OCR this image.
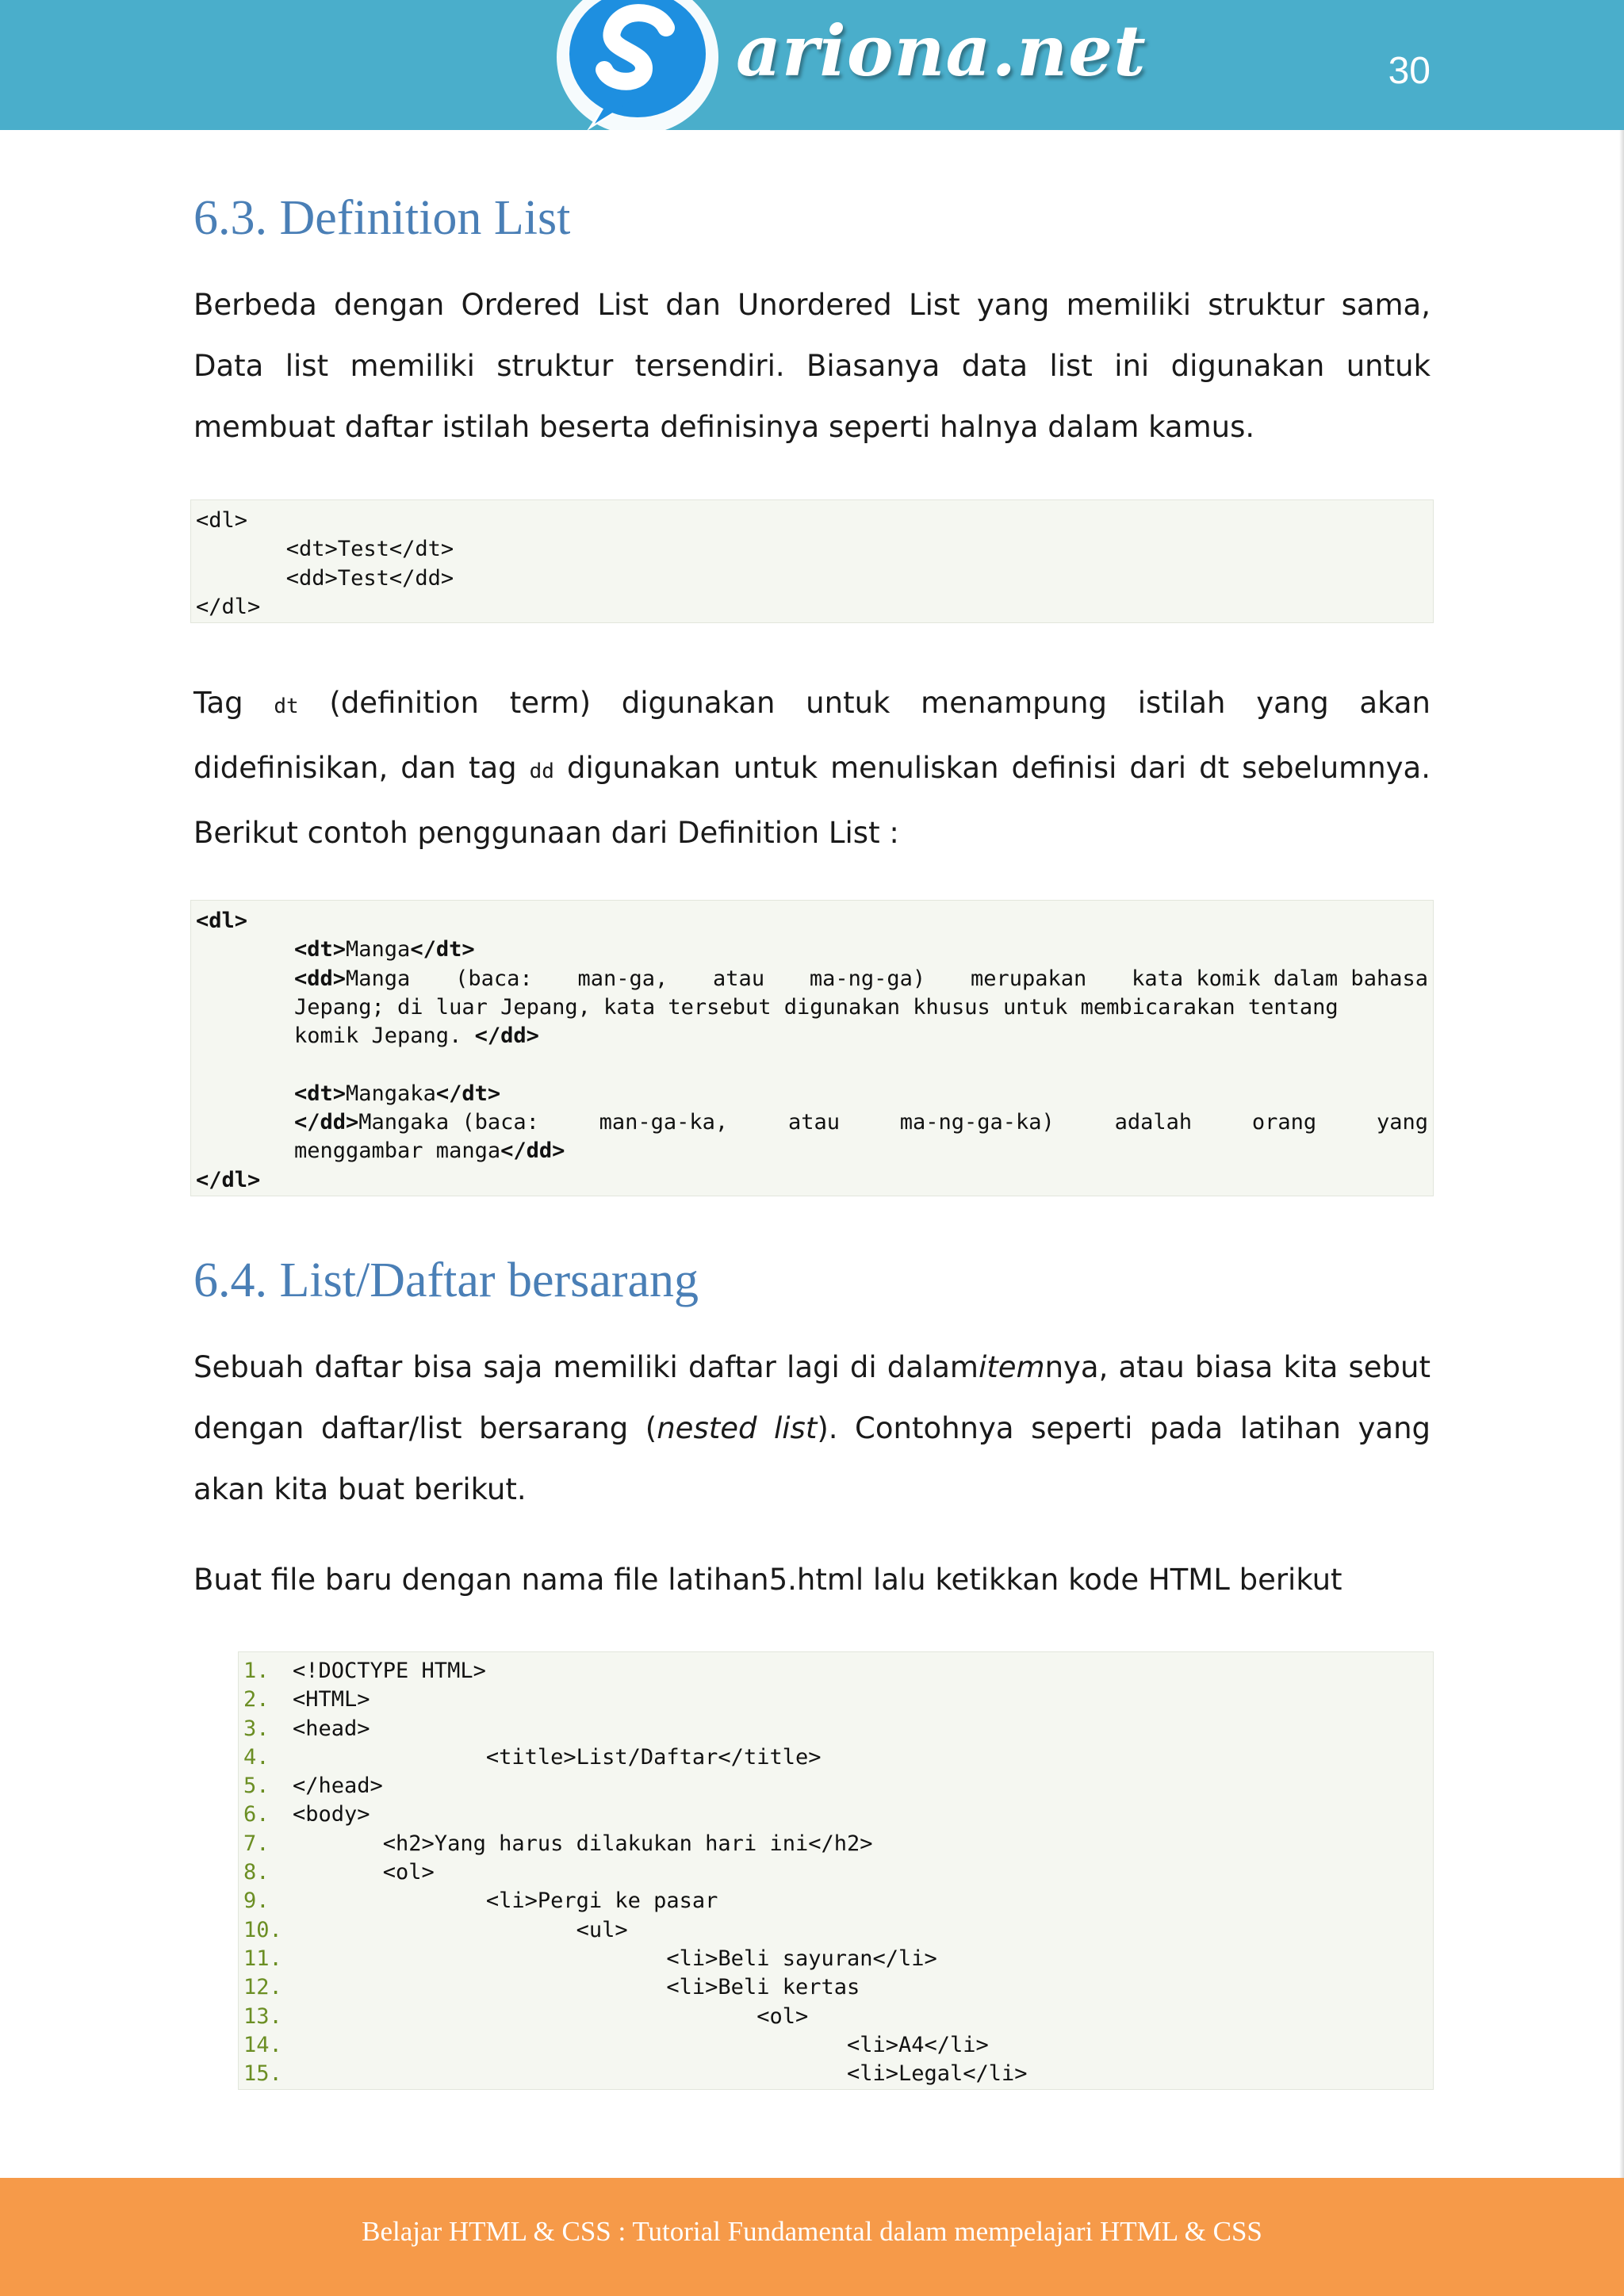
ariona.net	30
6.3. Definition List

Berbeda dengan Ordered List dan Unordered List yang memiliki struktur sama, Data list memiliki struktur tersendiri. Biasanya data list ini digunakan untuk membuat daftar istilah beserta definisinya seperti halnya dalam kamus.

Tag dt (definition term) digunakan untuk menampung istilah yang akan didefinisikan, dan tag dd digunakan untuk menuliskan definisi dari dt sebelumnya. Berikut contoh penggunaan dari Definition List :
6.4. List/Daftar bersarang
Sebuah daftar bisa saja memiliki daftar lagi di dalamitemnya, atau biasa kita sebut dengan daftar/list bersarang (nested list). Contohnya seperti pada latihan yang akan kita buat berikut.

Buat file baru dengan nama file latihan5.html lalu ketikkan kode HTML berikut

<dl>
<dt>Test</dt>
<dd>Test</dd>
</dl>
<dl>
<dt>Manga</dt>
<dd>Manga (baca: man-ga, atau ma-ng-ga) merupakan kata komik dalam bahasa
Jepang; di luar Jepang, kata tersebut digunakan khusus untuk membicarakan tentang
komik Jepang. </dd>
<dt>Mangaka</dt>
</dd>Mangaka (baca:	man-ga-ka,	atau	ma-ng-ga-ka)	adalah	orang	yang
menggambar manga</dd>
</dl>
1.	<!DOCTYPE HTML>
2.	<HTML>
3.	<head>
4.	<title>List/Daftar</title>
5.	</head>
6.	<body>
7.	<h2>Yang harus dilakukan hari ini</h2>
8.	<ol>
9.	<li>Pergi ke pasar
10. <ul>
11. <li>Beli sayuran</li>
12. <li>Beli kertas
13. <ol>
14. <li>A4</li>
15. <li>Legal</li>
Belajar HTML & CSS : Tutorial Fundamental dalam mempelajari HTML & CSS
